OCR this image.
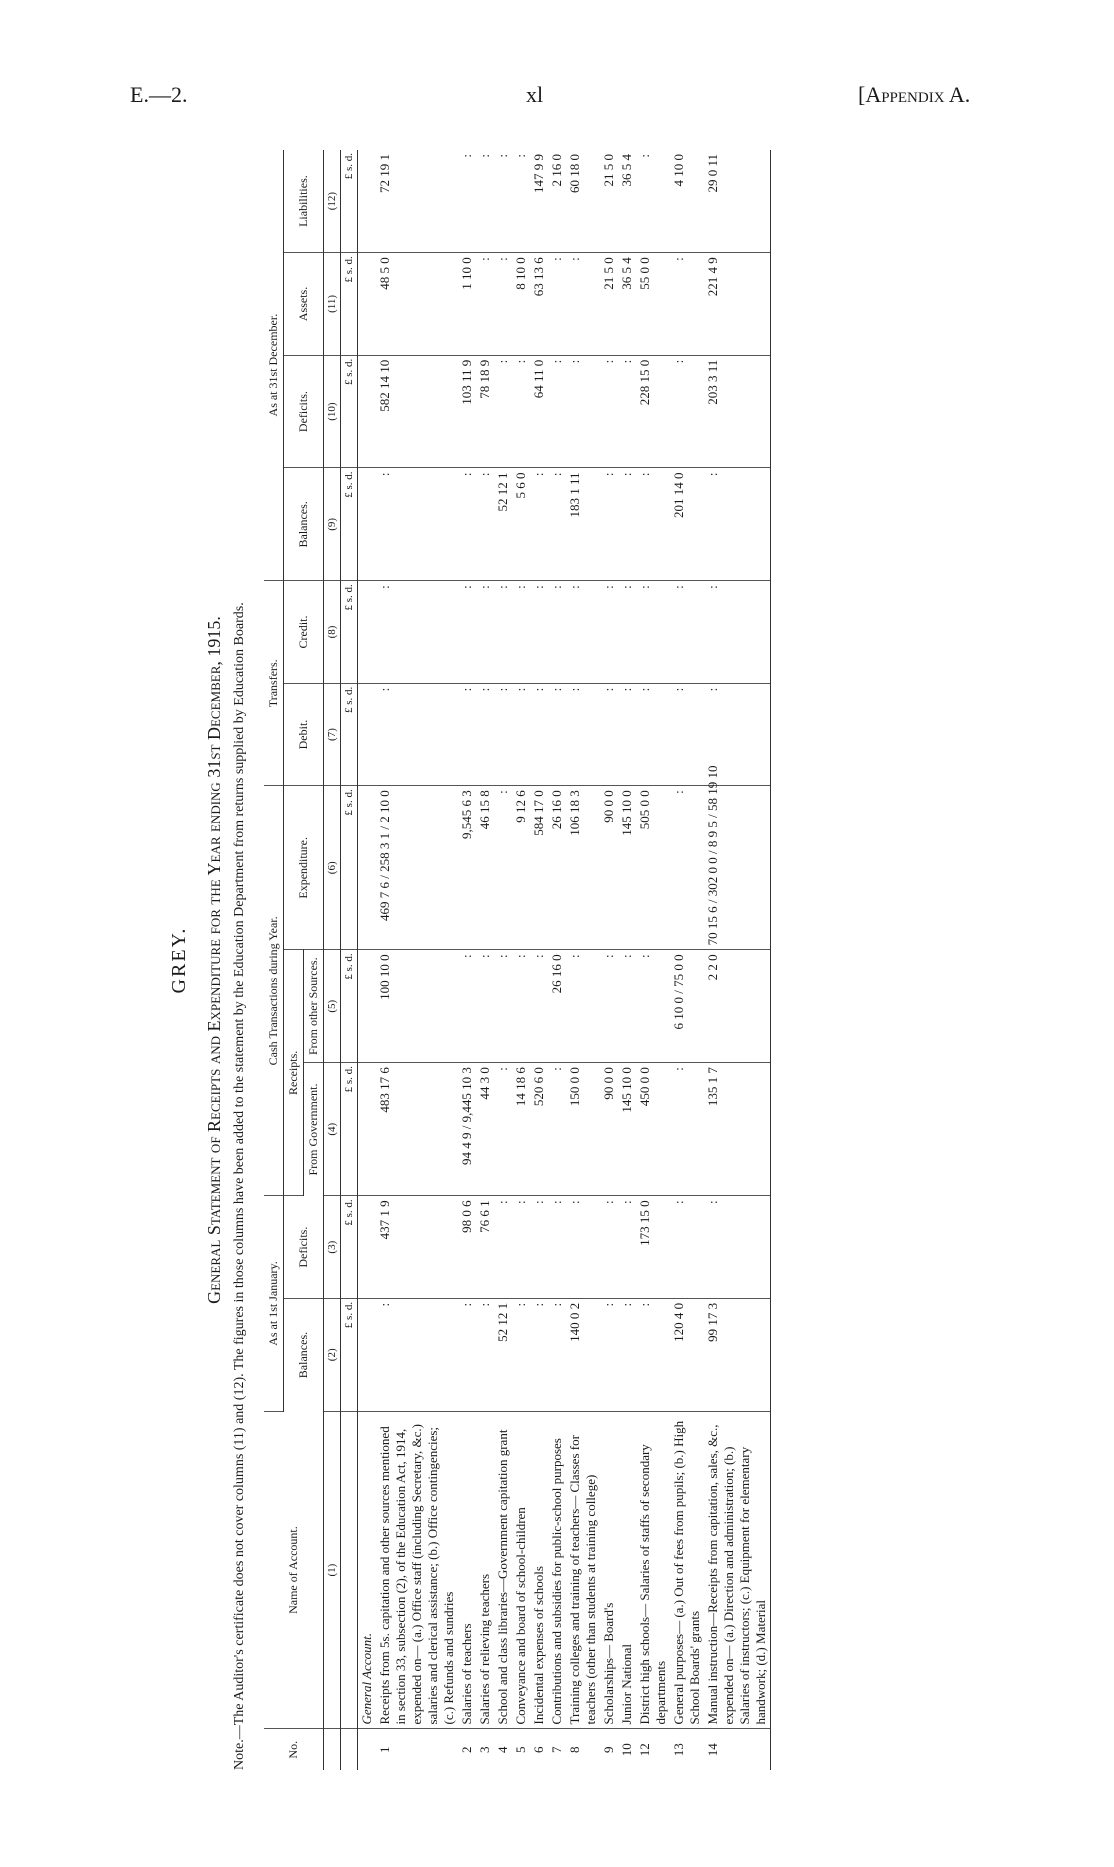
E.—2.	xl	[Appendix A.
GREY. General Statement of Receipts and Expenditure for the Year ending 31st December, 1915. Note.—The Auditor's certificate does not cover columns (11) and (12). The figures in those columns have been added to the statement by the Education Department from returns supplied by Education Boards.	No.	Name of Account.	As at 1st January.		Cash Transactions during Year.			Transfers.		As at 31st December.			
		Balances.	Deficits.	Receipts.		Expenditure.	Debit.	Credit.	Balances.	Deficits.	Assets.	Liabilities.
				From Government.	From other Sources.							
	(1)	(2)	(3)	(4)	(5)	(6)	(7)	(8)	(9)	(10)	(11)	(12)
		£ s. d.	£ s. d.	£ s. d.	£ s. d.	£ s. d.	£ s. d.	£ s. d.	£ s. d.	£ s. d.	£ s. d.	£ s. d.
	General Account.											
1	Receipts from 5s. capitation and other sources mentioned in section 33, subsection (2), of the Education Act, 1914, expended on— (a.) Office staff (including Secretary, &c.) salaries and clerical assistance; (b.) Office contingencies; (c.) Refunds and sundries	:	437 1 9	483 17 6	100 10 0	469 7 6 / 258 3 1 / 2 10 0	:	:	:	582 14 10	48 5 0	72 19 1
2	Salaries of teachers	:	98 0 6	94 4 9 / 9,445 10 3	:	9,545 6 3	:	:	:	103 11 9	1 10 0	:
3	Salaries of relieving teachers	:	76 6 1	44 3 0	:	46 15 8	:	:	:	78 18 9	:	:
4	School and class libraries—Government capitation grant	52 12 1	:	:	:	:	:	:	52 12 1	:	:	:
5	Conveyance and board of school-children	:	:	14 18 6	:	9 12 6	:	:	5 6 0	:	8 10 0	:
6	Incidental expenses of schools	:	:	520 6 0	:	584 17 0	:	:	:	64 11 0	63 13 6	147 9 9
7	Contributions and subsidies for public-school purposes	:	:	:	26 16 0	26 16 0	:	:	:	:	:	2 16 0
8	Training colleges and training of teachers— Classes for teachers (other than students at training college)	140 0 2	:	150 0 0	:	106 18 3	:	:	183 1 11	:	:	60 18 0
9	Scholarships— Board's	:	:	90 0 0	:	90 0 0	:	:	:	:	21 5 0	21 5 0
10	Junior National	:	:	145 10 0	:	145 10 0	:	:	:	:	36 5 4	36 5 4
12	District high schools— Salaries of staffs of secondary departments	:	173 15 0	450 0 0	:	505 0 0	:	:	:	228 15 0	55 0 0	:
13	General purposes— (a.) Out of fees from pupils; (b.) High School Boards' grants	120 4 0	:	:	6 10 0 / 75 0 0	:	:	:	201 14 0	:	:	4 10 0
14	Manual instruction—Receipts from capitation, sales, &c., expended on— (a.) Direction and administration; (b.) Salaries of instructors; (c.) Equipment for elementary handwork; (d.) Material	99 17 3	:	135 1 7	2 2 0	70 15 6 / 302 0 0 / 8 9 5 / 58 19 10	:	:	:	203 3 11	221 4 9	29 0 11
